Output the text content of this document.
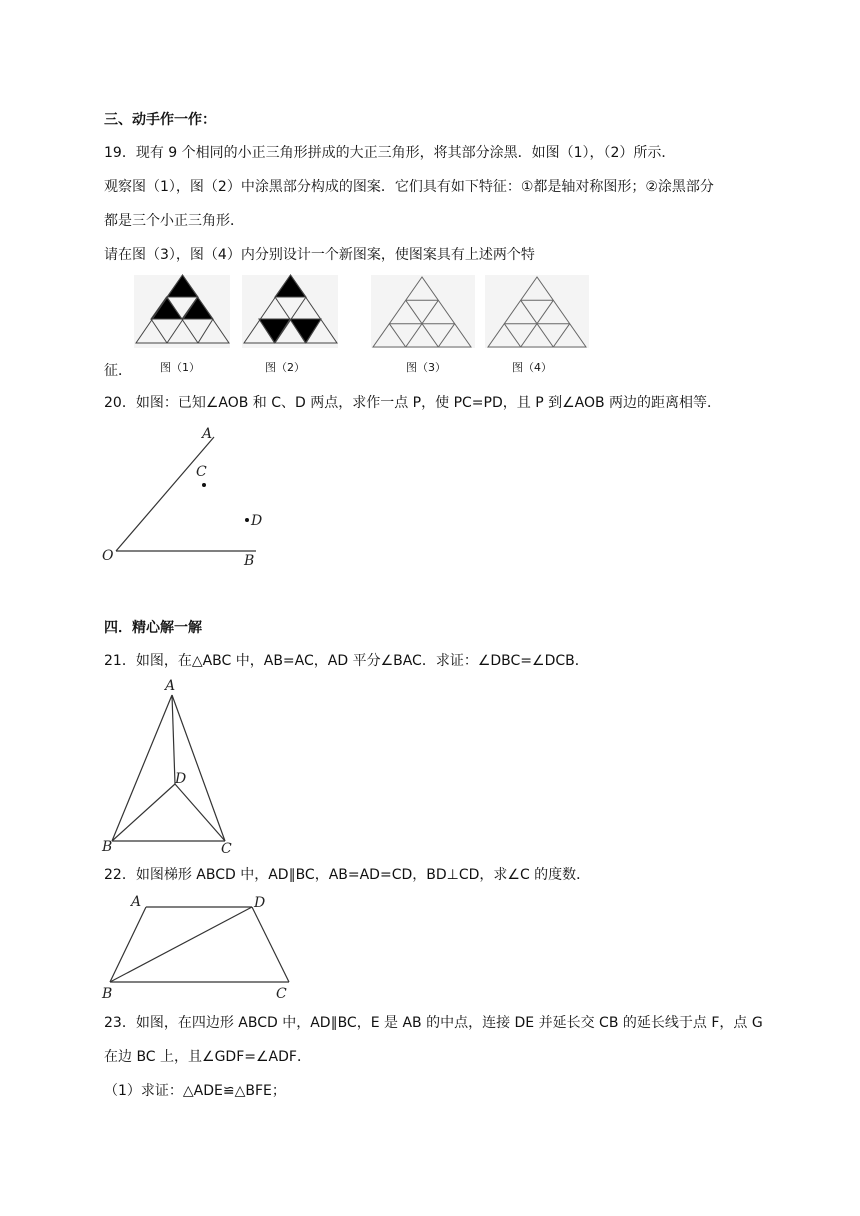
三、动手作一作：
19．现有 9 个相同的小正三角形拼成的大正三角形，将其部分涂黑．如图（1），（2）所示．
观察图（1），图（2）中涂黑部分构成的图案．它们具有如下特征：①都是轴对称图形；②涂黑部分
都是三个小正三角形．
请在图（3），图（4）内分别设计一个新图案，使图案具有上述两个特
征．	图（1）	图（2）	图（3）	图（4）
20．如图：已知∠AOB 和 C、D 两点，求作一点 P，使 PC=PD，且 P 到∠AOB 两边的距离相等．
A
C
D
O	B
四．精心解一解
21．如图，在△ABC 中，AB=AC，AD 平分∠BAC．求证：∠DBC=∠DCB．
A
D
B	C
22．如图梯形 ABCD 中，AD∥BC，AB=AD=CD，BD⊥CD，求∠C 的度数．
A	D
B	C
23．如图，在四边形 ABCD 中，AD∥BC，E 是 AB 的中点，连接 DE 并延长交 CB 的延长线于点 F，点 G
在边 BC 上，且∠GDF=∠ADF．
（1）求证：△ADE≌△BFE；
